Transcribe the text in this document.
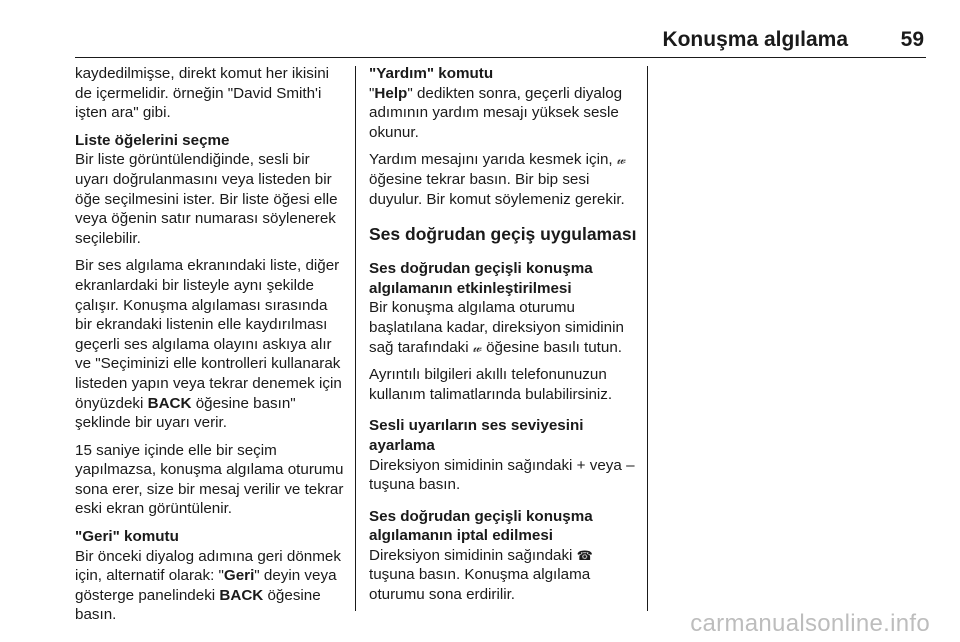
Konuşma algılama	59

kaydedilmişse, direkt komut her ikisini de içermelidir. örneğin "David Smith'i işten ara" gibi.

Liste öğelerini seçme

Bir liste görüntülendiğinde, sesli bir uyarı doğrulanmasını veya listeden bir öğe seçilmesini ister. Bir liste öğesi elle veya öğenin satır numarası söylenerek seçilebilir.

Bir ses algılama ekranındaki liste, diğer ekranlardaki bir listeyle aynı şekilde çalışır. Konuşma algılaması sırasında bir ekrandaki listenin elle kaydırılması geçerli ses algılama olayını askıya alır ve "Seçiminizi elle kontrolleri kullanarak listeden yapın veya tekrar denemek için önyüzdeki BACK öğesine basın" şeklinde bir uyarı verir.

15 saniye içinde elle bir seçim yapılmazsa, konuşma algılama oturumu sona erer, size bir mesaj verilir ve tekrar eski ekran görüntülenir.

"Geri" komutu

Bir önceki diyalog adımına geri dönmek için, alternatif olarak: "Geri" deyin veya gösterge panelindeki BACK öğesine basın.

"Yardım" komutu

"Help" dedikten sonra, geçerli diyalog adımının yardım mesajı yüksek sesle okunur.

Yardım mesajını yarıda kesmek için, 𝓌 öğesine tekrar basın. Bir bip sesi duyulur. Bir komut söylemeniz gerekir.

Ses doğrudan geçiş uygulaması
Ses doğrudan geçişli konuşma algılamanın etkinleştirilmesi

Bir konuşma algılama oturumu başlatılana kadar, direksiyon simidinin sağ tarafındaki 𝓌 öğesine basılı tutun.

Ayrıntılı bilgileri akıllı telefonunuzun kullanım talimatlarında bulabilirsiniz.

Sesli uyarıların ses seviyesini ayarlama

Direksiyon simidinin sağındaki + veya – tuşuna basın.

Ses doğrudan geçişli konuşma algılamanın iptal edilmesi

Direksiyon simidinin sağındaki ☎ tuşuna basın. Konuşma algılama oturumu sona erdirilir.

carmanualsonline.info
